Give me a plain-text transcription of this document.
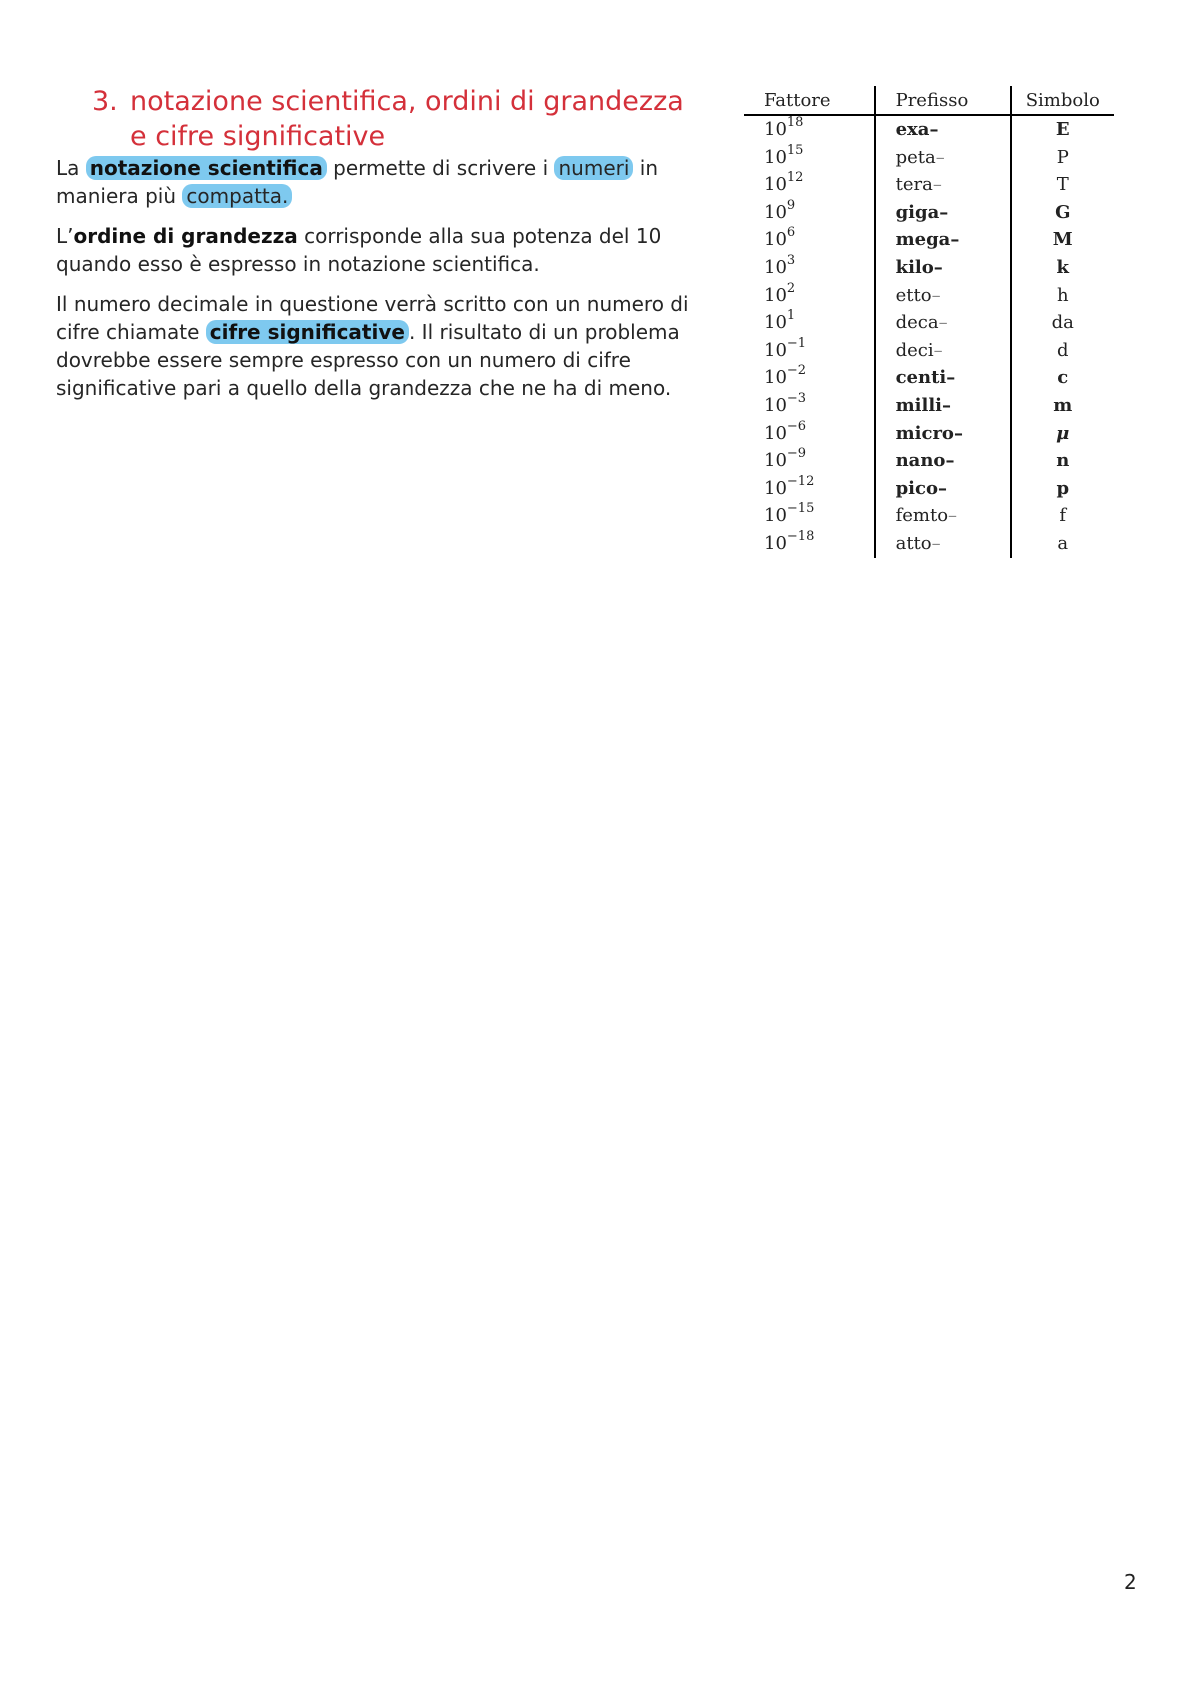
3. notazione scientifica, ordini di grandezza
e cifre significative

La notazione scientifica permette di scrivere i numeri in maniera più compatta.

L’ordine di grandezza corrisponde alla sua potenza del 10 quando esso è espresso in notazione scientifica.

Il numero decimale in questione verrà scritto con un numero di cifre chiamate cifre significative . Il risultato di un problema dovrebbe essere sempre espresso con un numero di cifre significative pari a quello della grandezza che ne ha di meno.

Fattore	Prefisso	Simbolo
$10^{18}$	exa–	E
$10^{15}$	peta–	P
$10^{12}$	tera–	T
$10^9$	giga–	G
$10^6$	mega–	M
$10^3$	kilo–	k
$10^2$	etto–	h
$10^1$	deca–	da
$10^{-1}$	deci–	d
$10^{-2}$	centi–	c
$10^{-3}$	milli–	m
$10^{-6}$	micro–	μ
$10^{-9}$	nano–	n
$10^{-12}$	pico–	p
$10^{-15}$	femto–	f
$10^{-18}$	atto–	a
2
